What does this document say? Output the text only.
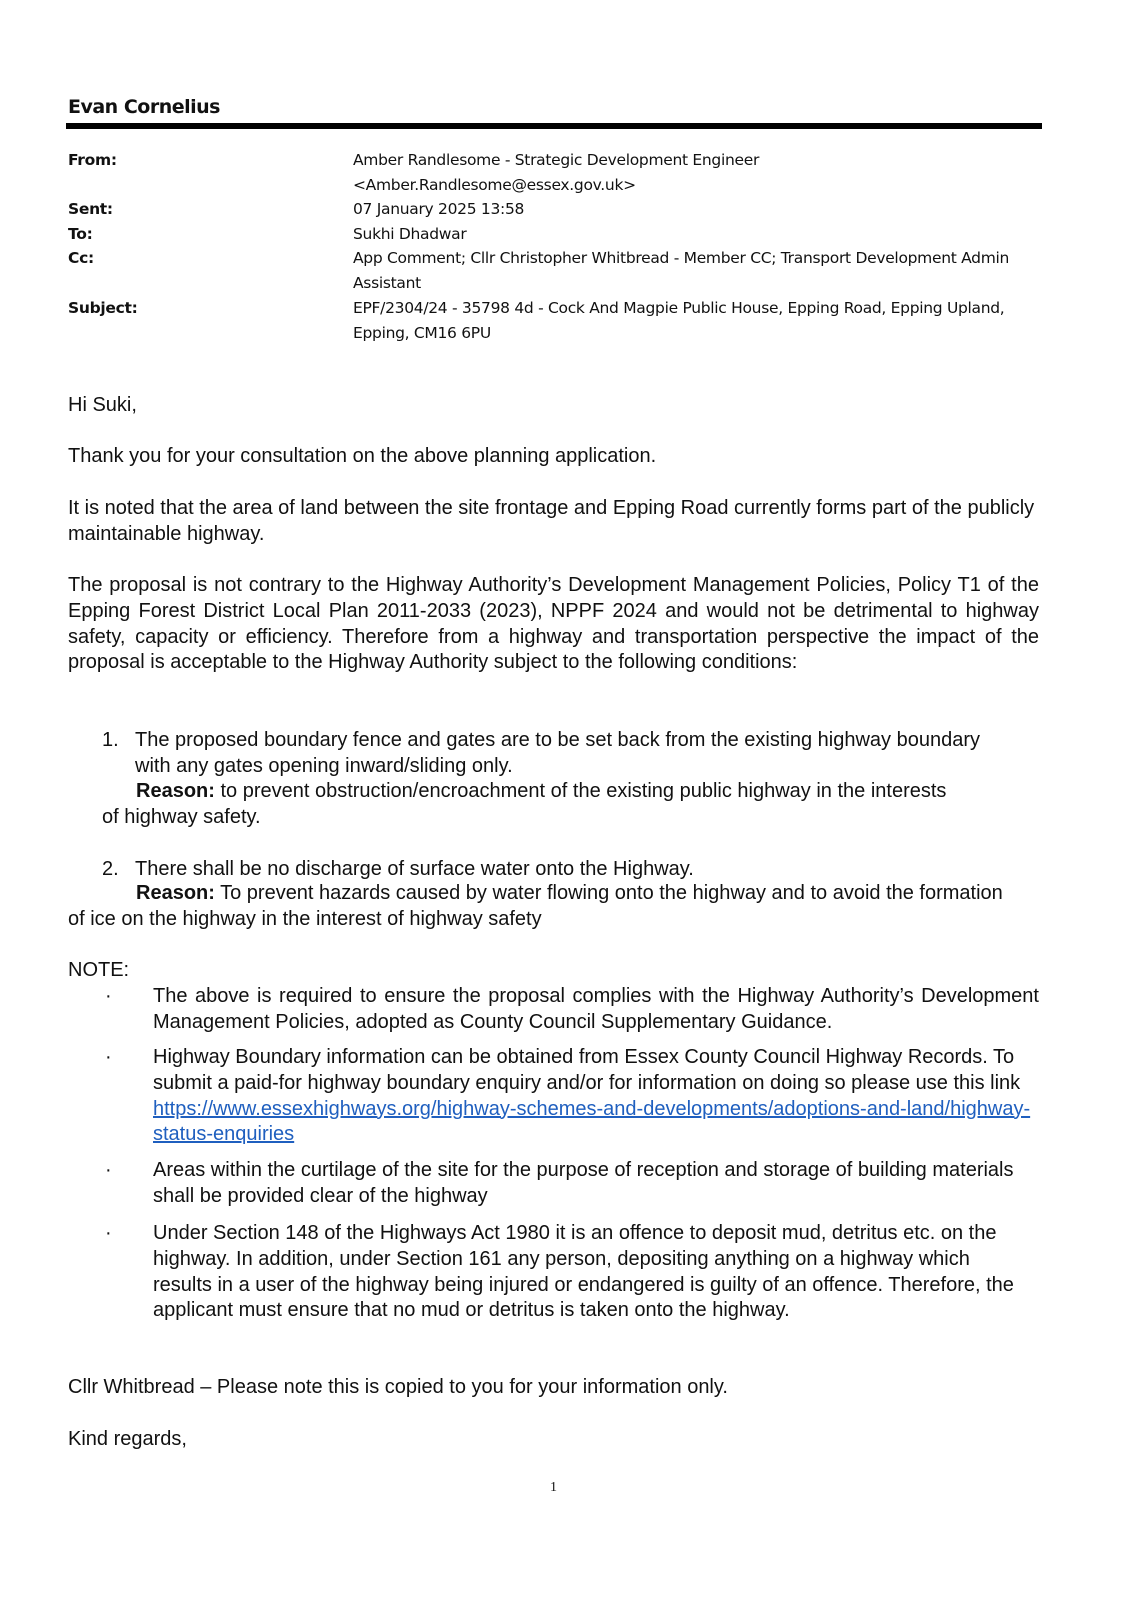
Evan Cornelius
From:	Amber Randlesome - Strategic Development Engineer
<Amber.Randlesome@essex.gov.uk>
Sent:	07 January 2025 13:58
To:	Sukhi Dhadwar
Cc:	App Comment; Cllr Christopher Whitbread - Member CC; Transport Development Admin Assistant
Subject:	EPF/2304/24 - 35798 4d - Cock And Magpie Public House, Epping Road, Epping Upland, Epping, CM16 6PU
Hi Suki,
Thank you for your consultation on the above planning application.
It is noted that the area of land between the site frontage and Epping Road currently forms part of the publicly maintainable highway.
The proposal is not contrary to the Highway Authority’s Development Management Policies, Policy T1 of the Epping Forest District Local Plan 2011-2033 (2023), NPPF 2024 and would not be detrimental to highway safety, capacity or efficiency. Therefore from a highway and transportation perspective the impact of the proposal is acceptable to the Highway Authority subject to the following conditions:
1. The proposed boundary fence and gates are to be set back from the existing highway boundary with any gates opening inward/sliding only.
Reason: to prevent obstruction/encroachment of the existing public highway in the interests of highway safety.
2. There shall be no discharge of surface water onto the Highway.
Reason: To prevent hazards caused by water flowing onto the highway and to avoid the formation of ice on the highway in the interest of highway safety
NOTE:
· The above is required to ensure the proposal complies with the Highway Authority’s Development Management Policies, adopted as County Council Supplementary Guidance.
· Highway Boundary information can be obtained from Essex County Council Highway Records. To submit a paid-for highway boundary enquiry and/or for information on doing so please use this link https://www.essexhighways.org/highway-schemes-and-developments/adoptions-and-land/highway-status-enquiries
· Areas within the curtilage of the site for the purpose of reception and storage of building materials shall be provided clear of the highway
· Under Section 148 of the Highways Act 1980 it is an offence to deposit mud, detritus etc. on the highway. In addition, under Section 161 any person, depositing anything on a highway which results in a user of the highway being injured or endangered is guilty of an offence. Therefore, the applicant must ensure that no mud or detritus is taken onto the highway.
Cllr Whitbread – Please note this is copied to you for your information only.
Kind regards,
1
